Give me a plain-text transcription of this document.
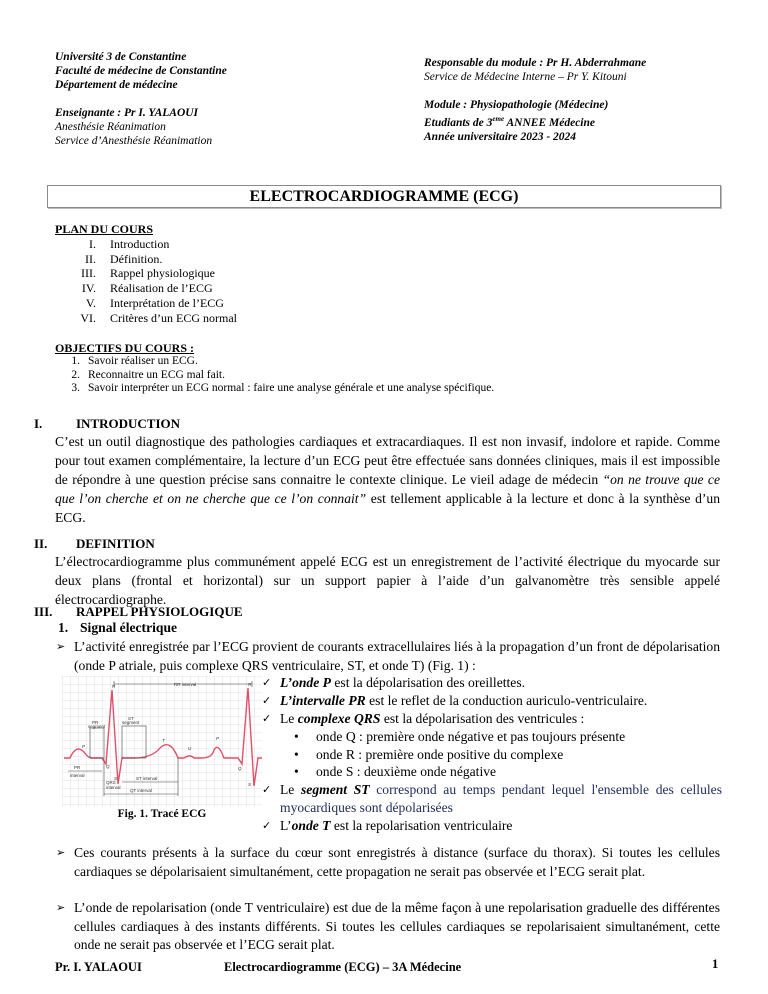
Université 3 de Constantine
Faculté de médecine de Constantine
Département de médecine
Enseignante : Pr I. YALAOUI
Anesthésie Réanimation
Service d’Anesthésie Réanimation
Responsable du module : Pr H. Abderrahmane
Service de Médecine Interne – Pr Y. Kitouni
Module : Physiopathologie (Médecine)
Etudiants de 3eme ANNEE Médecine
Année universitaire 2023 - 2024
ELECTROCARDIOGRAMME (ECG)
PLAN DU COURS
I.	Introduction
II.	Définition.
III.	Rappel physiologique
IV.	Réalisation de l’ECG
V.	Interprétation de l’ECG
VI.	Critères d’un ECG normal
OBJECTIFS DU COURS :
1. Savoir réaliser un ECG.
2. Reconnaitre un ECG mal fait.
3. Savoir interpréter un ECG normal : faire une analyse générale et une analyse spécifique.
I.	INTRODUCTION
C’est un outil diagnostique des pathologies cardiaques et extracardiaques. Il est non invasif, indolore et rapide. Comme pour tout examen complémentaire, la lecture d’un ECG peut être effectuée sans données cliniques, mais il est impossible de répondre à une question précise sans connaitre le contexte clinique. Le vieil adage de médecin “on ne trouve que ce que l’on cherche et on ne cherche que ce l’on connait” est tellement applicable à la lecture et donc à la synthèse d’un ECG.
II.	DEFINITION
L’électrocardiogramme plus communément appelé ECG est un enregistrement de l’activité électrique du myocarde sur deux plans (frontal et horizontal) sur un support papier à l’aide d’un galvanomètre très sensible appelé électrocardiographe.
III.	RAPPEL PHYSIOLOGIQUE
1. Signal électrique
➢ L’activité enregistrée par l’ECG provient de courants extracellulaires liés à la propagation d’un front de dépolarisation (onde P atriale, puis complexe QRS ventriculaire, ST, et onde T) (Fig. 1) :
RR interval
PR
segment
ST
segment
PR
interval
QRS
interval
ST interval
QT interval
P
R
Q
S
T
U
P
R
Q
S
Fig. 1. Tracé ECG
✓ L’onde P est la dépolarisation des oreillettes.
✓ L’intervalle PR est le reflet de la conduction auriculo-ventriculaire.
✓ Le complexe QRS est la dépolarisation des ventricules :
•	onde Q : première onde négative et pas toujours présente
•	onde R : première onde positive du complexe
•	onde S : deuxième onde négative
✓ Le segment ST correspond au temps pendant lequel l'ensemble des cellules myocardiques sont dépolarisées
✓ L’onde T est la repolarisation ventriculaire
➢ Ces courants présents à la surface du cœur sont enregistrés à distance (surface du thorax). Si toutes les cellules cardiaques se dépolarisaient simultanément, cette propagation ne serait pas observée et l’ECG serait plat.
➢ L’onde de repolarisation (onde T ventriculaire) est due de la même façon à une repolarisation graduelle des différentes cellules cardiaques à des instants différents. Si toutes les cellules cardiaques se repolarisaient simultanément, cette onde ne serait pas observée et l’ECG serait plat.
Pr. I. YALAOUI	Electrocardiogramme (ECG) – 3A Médecine	1
